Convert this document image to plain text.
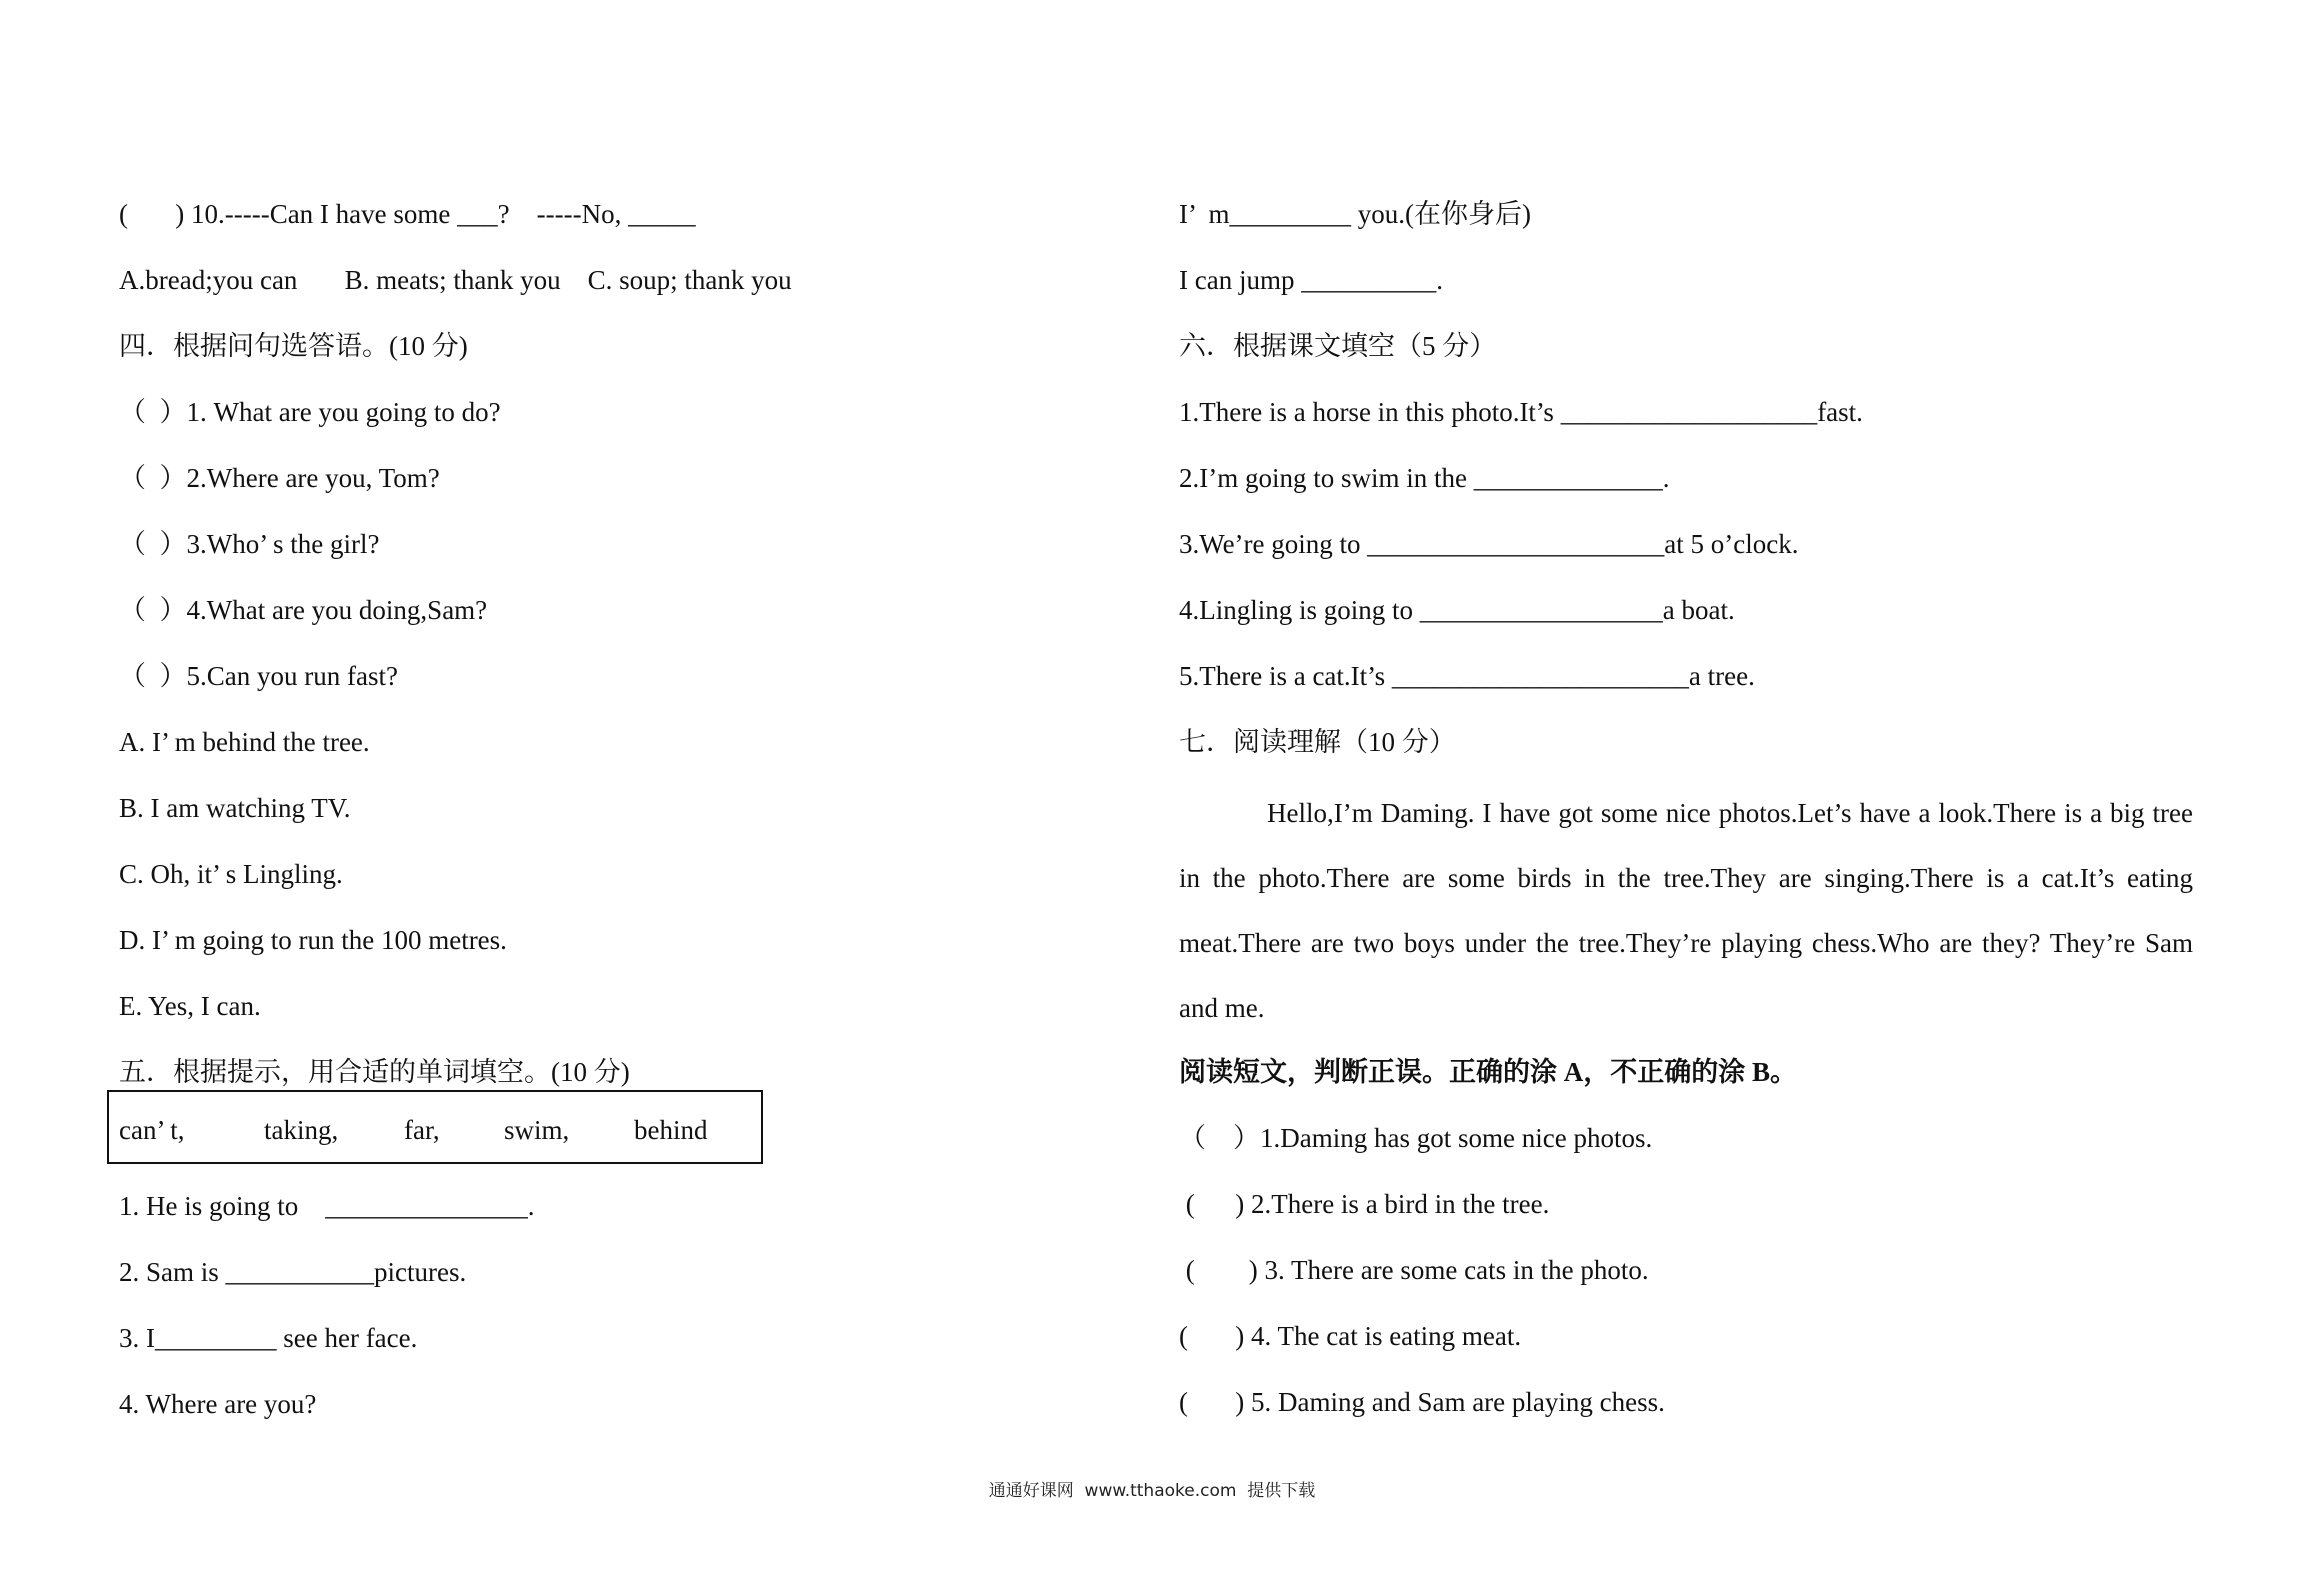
(       ) 10.-----Can I have some ___?    -----No, _____
A.bread;you can       B. meats; thank you    C. soup; thank you
四．根据问句选答语。(10 分)
（  ）1. What are you going to do?
（  ）2.Where are you, Tom?
（  ）3.Who’ s the girl?
（  ）4.What are you doing,Sam?
（  ）5.Can you run fast?
A. I’ m behind the tree.
B. I am watching TV.
C. Oh, it’ s Lingling.
D. I’ m going to run the 100 metres.
E. Yes, I can.
五．根据提示，用合适的单词填空。(10 分)
can’ t,	taking, far, swim, behind
1. He is going to    _______________.
2. Sam is ___________pictures.
3. I_________ see her face.
4. Where are you?
I’  m_________ you.(在你身后)
I can jump __________.
六．根据课文填空（5 分）
1.There is a horse in this photo.It’s ___________________fast.
2.I’m going to swim in the ______________.
3.We’re going to ______________________at 5 o’clock.
4.Lingling is going to __________________a boat.
5.There is a cat.It’s ______________________a tree.
七．阅读理解（10 分）
Hello,I’m Daming. I have got some nice photos.Let’s have a look.There is a big tree in the photo.There are some birds in the tree.They are singing.There is a cat.It’s eating meat.There are two boys under the tree.They’re playing chess.Who are they? They’re Sam and me.
阅读短文，判断正误。正确的涂 A，不正确的涂 B。
（    ）1.Daming has got some nice photos.
(      ) 2.There is a bird in the tree.
(        ) 3. There are some cats in the photo.
(       ) 4. The cat is eating meat.
(       ) 5. Daming and Sam are playing chess.
通通好课网  www.tthaoke.com  提供下载
